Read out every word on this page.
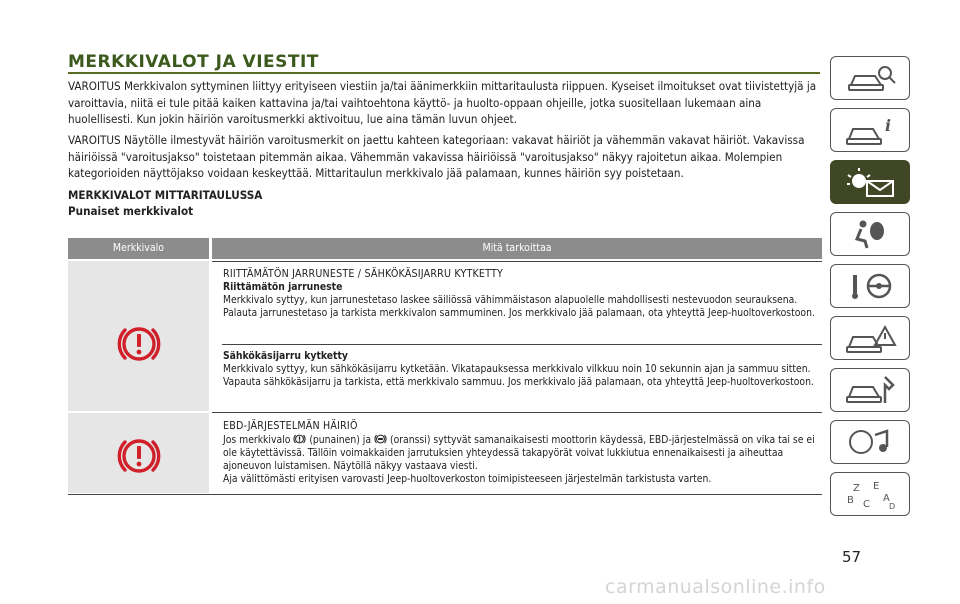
MERKKIVALOT JA VIESTIT
VAROITUS Merkkivalon syttyminen liittyy erityiseen viestiin ja/tai äänimerkkiin mittaritaulusta riippuen. Kyseiset ilmoitukset ovat tiivistettyjä ja varoittavia, niitä ei tule pitää kaiken kattavina ja/tai vaihtoehtona käyttö- ja huolto-oppaan ohjeille, jotka suositellaan lukemaan aina huolellisesti. Kun jokin häiriön varoitusmerkki aktivoituu, lue aina tämän luvun ohjeet.
VAROITUS Näytölle ilmestyvät häiriön varoitusmerkit on jaettu kahteen kategoriaan: vakavat häiriöt ja vähemmän vakavat häiriöt. Vakavissa häiriöissä "varoitusjakso" toistetaan pitemmän aikaa. Vähemmän vakavissa häiriöissä "varoitusjakso" näkyy rajoitetun aikaa. Molempien kategorioiden näyttöjakso voidaan keskeyttää. Mittaritaulun merkkivalo jää palamaan, kunnes häiriön syy poistetaan.
MERKKIVALOT MITTARITAULUSSA
Punaiset merkkivalot
Merkkivalo	Mitä tarkoittaa
RIITTÄMÄTÖN JARRUNESTE / SÄHKÖKÄSIJARRU KYTKETTY
Riittämätön jarruneste
Merkkivalo syttyy, kun jarrunestetaso laskee säiliössä vähimmäistason alapuolelle mahdollisesti nestevuodon seurauksena. Palauta jarrunestetaso ja tarkista merkkivalon sammuminen. Jos merkkivalo jää palamaan, ota yhteyttä Jeep-huoltoverkostoon.
Sähkökäsijarru kytketty
Merkkivalo syttyy, kun sähkökäsijarru kytketään. Vikatapauksessa merkkivalo vilkkuu noin 10 sekunnin ajan ja sammuu sitten. Vapauta sähkökäsijarru ja tarkista, että merkkivalo sammuu. Jos merkkivalo jää palamaan, ota yhteyttä Jeep-huoltoverkostoon.
EBD-JÄRJESTELMÄN HÄIRIÖ
Jos merkkivalo (punainen) ja (oranssi) syttyvät samanaikaisesti moottorin käydessä, EBD-järjestelmässä on vika tai se ei ole käytettävissä. Tällöin voimakkaiden jarrutuksien yhteydessä takapyörät voivat lukkiutua ennenaikaisesti ja aiheuttaa ajoneuvon luistamisen. Näytöllä näkyy vastaava viesti.
Aja välittömästi erityisen varovasti Jeep-huoltoverkoston toimipisteeseen järjestelmän tarkistusta varten.
i
Z E
B C
A
D
57
carmanualsonline.info
